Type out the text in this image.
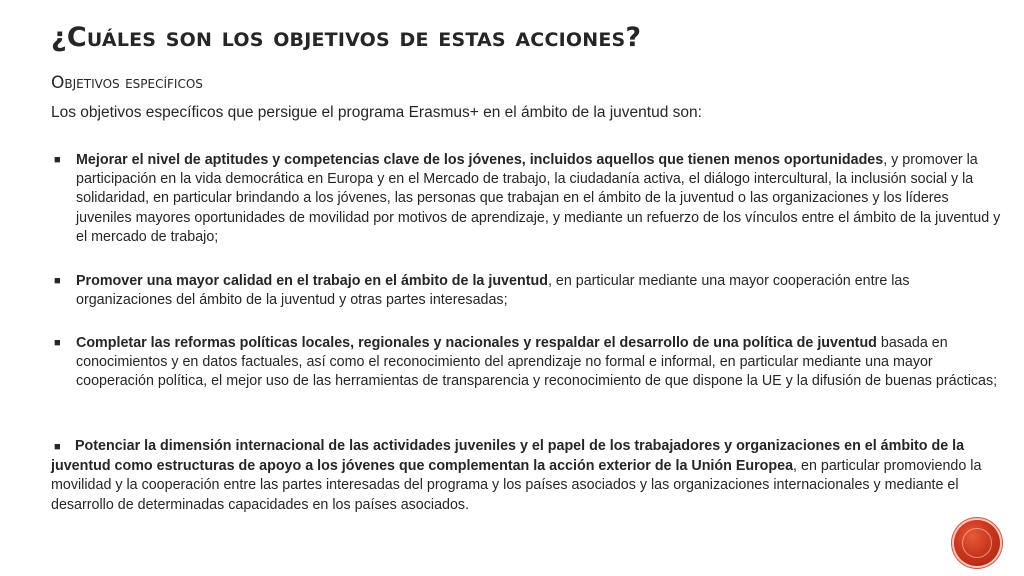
¿Cuáles son los objetivos de estas acciones?
Objetivos específicos

Los objetivos específicos que persigue el programa Erasmus+ en el ámbito de la juventud son:

■ Mejorar el nivel de aptitudes y competencias clave de los jóvenes, incluidos aquellos que tienen menos oportunidades, y promover la participación en la vida democrática en Europa y en el Mercado de trabajo, la ciudadanía activa, el diálogo intercultural, la inclusión social y la solidaridad, en particular brindando a los jóvenes, las personas que trabajan en el ámbito de la juventud o las organizaciones y los líderes juveniles mayores oportunidades de movilidad por motivos de aprendizaje, y mediante un refuerzo de los vínculos entre el ámbito de la juventud y el mercado de trabajo;
■ Promover una mayor calidad en el trabajo en el ámbito de la juventud, en particular mediante una mayor cooperación entre las organizaciones del ámbito de la juventud y otras partes interesadas;
■ Completar las reformas políticas locales, regionales y nacionales y respaldar el desarrollo de una política de juventud basada en conocimientos y en datos factuales, así como el reconocimiento del aprendizaje no formal e informal, en particular mediante una mayor cooperación política, el mejor uso de las herramientas de transparencia y reconocimiento de que dispone la UE y la difusión de buenas prácticas;
■ Potenciar la dimensión internacional de las actividades juveniles y el papel de los trabajadores y organizaciones en el ámbito de la juventud como estructuras de apoyo a los jóvenes que complementan la acción exterior de la Unión Europea, en particular promoviendo la movilidad y la cooperación entre las partes interesadas del programa y los países asociados y las organizaciones internacionales y mediante el desarrollo de determinadas capacidades en los países asociados.
